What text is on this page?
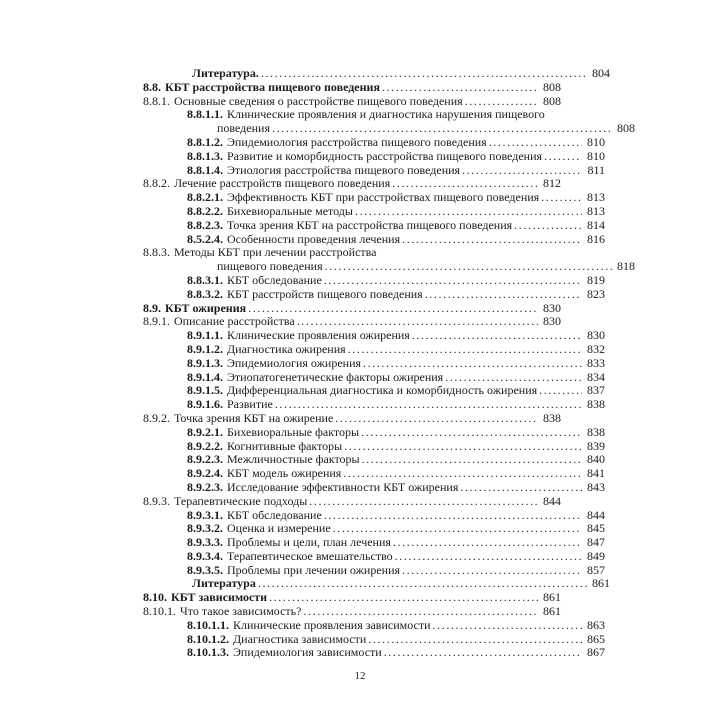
Литература. .....	804
8.8. КБТ расстройства пищевого поведения .....	808
8.8.1. Основные сведения о расстройстве пищевого поведения .....	808
8.8.1.1. Клинические проявления и диагностика нарушения пищевого
поведения .....	808
8.8.1.2. Эпидемиология расстройства пищевого поведения .....	810
8.8.1.3. Развитие и коморбидность расстройства пищевого поведения .....	810
8.8.1.4. Этиология расстройства пищевого поведения .....	811
8.8.2. Лечение расстройств пищевого поведения .....	812
8.8.2.1. Эффективность КБТ при расстройствах пищевого поведения .....	813
8.8.2.2. Бихевиоральные методы .....	813
8.8.2.3. Точка зрения КБТ на расстройства пищевого поведения .....	814
8.5.2.4. Особенности проведения лечения .....	816
8.8.3. Методы КБТ при лечении расстройства
пищевого поведения .....	818
8.8.3.1. КБТ обследование .....	819
8.8.3.2. КБТ расстройств пищевого поведения .....	823
8.9. КБТ ожирения .....	830
8.9.1. Описание расстройства .....	830
8.9.1.1. Клинические проявления ожирения .....	830
8.9.1.2. Диагностика ожирения .....	832
8.9.1.3. Эпидемиология ожирения .....	833
8.9.1.4. Этиопатогенетические факторы ожирения .....	834
8.9.1.5. Дифференциальная диагностика и коморбидность ожирения .....	837
8.9.1.6. Развитие .....	838
8.9.2. Точка зрения КБТ на ожирение .....	838
8.9.2.1. Бихевиоральные факторы .....	838
8.9.2.2. Когнитивные факторы .....	839
8.9.2.3. Межличностные факторы .....	840
8.9.2.4. КБТ модель ожирения .....	841
8.9.2.3. Исследование эффективности КБТ ожирения .....	843
8.9.3. Терапевтические подходы .....	844
8.9.3.1. КБТ обследование .....	844
8.9.3.2. Оценка и измерение .....	845
8.9.3.3. Проблемы и цели, план лечения .....	847
8.9.3.4. Терапевтическое вмешательство .....	849
8.9.3.5. Проблемы при лечении ожирения .....	857
Литература .....	861
8.10. КБТ зависимости .....	861
8.10.1. Что такое зависимость? .....	861
8.10.1.1. Клинические проявления зависимости .....	863
8.10.1.2. Диагностика зависимости .....	865
8.10.1.3. Эпидемиология зависимости .....	867
12
